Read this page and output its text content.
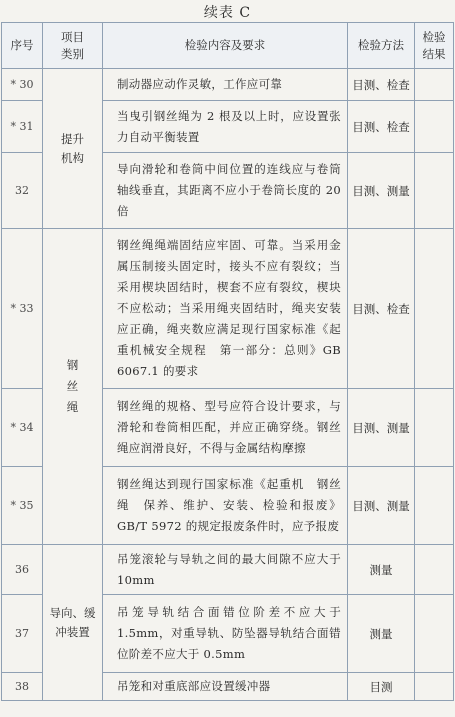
续表 C
序号	项目类别	检验内容及要求	检验方法	检验结果

* 30	提升机构	制动器应动作灵敏，工作应可靠	目测、检查	
* 31		当曳引钢丝绳为 2 根及以上时，应设置张力自动平衡装置	目测、检查	
32		导向滑轮和卷筒中间位置的连线应与卷筒轴线垂直，其距离不应小于卷筒长度的 20 倍	目测、测量	
* 33	钢丝绳	钢丝绳绳端固结应牢固、可靠。当采用金属压制接头固定时，接头不应有裂纹；当采用楔块固结时，楔套不应有裂纹，楔块不应松动；当采用绳夹固结时，绳夹安装应正确，绳夹数应满足现行国家标准《起重机械安全规程　第一部分：总则》GB 6067.1 的要求	目测、检查	
* 34		钢丝绳的规格、型号应符合设计要求，与滑轮和卷筒相匹配，并应正确穿绕。钢丝绳应润滑良好，不得与金属结构摩擦	目测、测量	
* 35		钢丝绳达到现行国家标准《起重机　钢丝绳　保养、维护、安装、检验和报废》GB/T 5972 的规定报废条件时，应予报废	目测、测量	
36	导向、缓冲装置	吊笼滚轮与导轨之间的最大间隙不应大于 10mm	测量	
37		吊笼导轨结合面错位阶差不应大于 1.5mm，对重导轨、防坠器导轨结合面错位阶差不应大于 0.5mm	测量	
38		吊笼和对重底部应设置缓冲器	目测	
